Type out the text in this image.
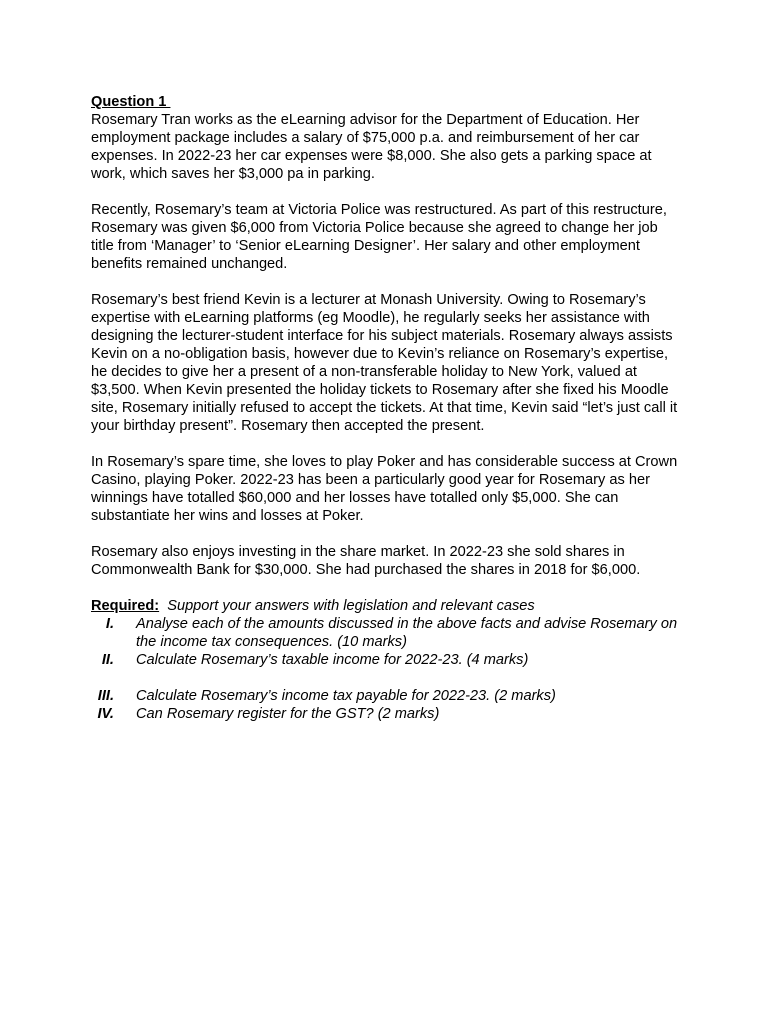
Question 1

Rosemary Tran works as the eLearning advisor for the Department of Education. Her employment package includes a salary of $75,000 p.a. and reimbursement of her car expenses. In 2022-23 her car expenses were $8,000. She also gets a parking space at work, which saves her $3,000 pa in parking.

Recently, Rosemary’s team at Victoria Police was restructured. As part of this restructure, Rosemary was given $6,000 from Victoria Police because she agreed to change her job title from ‘Manager’ to ‘Senior eLearning Designer’. Her salary and other employment benefits remained unchanged.

Rosemary’s best friend Kevin is a lecturer at Monash University. Owing to Rosemary’s expertise with eLearning platforms (eg Moodle), he regularly seeks her assistance with designing the lecturer-student interface for his subject materials. Rosemary always assists Kevin on a no-obligation basis, however due to Kevin’s reliance on Rosemary’s expertise, he decides to give her a present of a non-transferable holiday to New York, valued at $3,500. When Kevin presented the holiday tickets to Rosemary after she fixed his Moodle site, Rosemary initially refused to accept the tickets. At that time, Kevin said “let’s just call it your birthday present”. Rosemary then accepted the present.

In Rosemary’s spare time, she loves to play Poker and has considerable success at Crown Casino, playing Poker. 2022-23 has been a particularly good year for Rosemary as her winnings have totalled $60,000 and her losses have totalled only $5,000. She can substantiate her wins and losses at Poker.

Rosemary also enjoys investing in the share market. In 2022-23 she sold shares in Commonwealth Bank for $30,000. She had purchased the shares in 2018 for $6,000.

Required:  Support your answers with legislation and relevant cases
I.	Analyse each of the amounts discussed in the above facts and advise Rosemary on the income tax consequences. (10 marks)
II.	Calculate Rosemary’s taxable income for 2022-23. (4 marks)
III.	Calculate Rosemary’s income tax payable for 2022-23. (2 marks)
IV.	Can Rosemary register for the GST? (2 marks)
